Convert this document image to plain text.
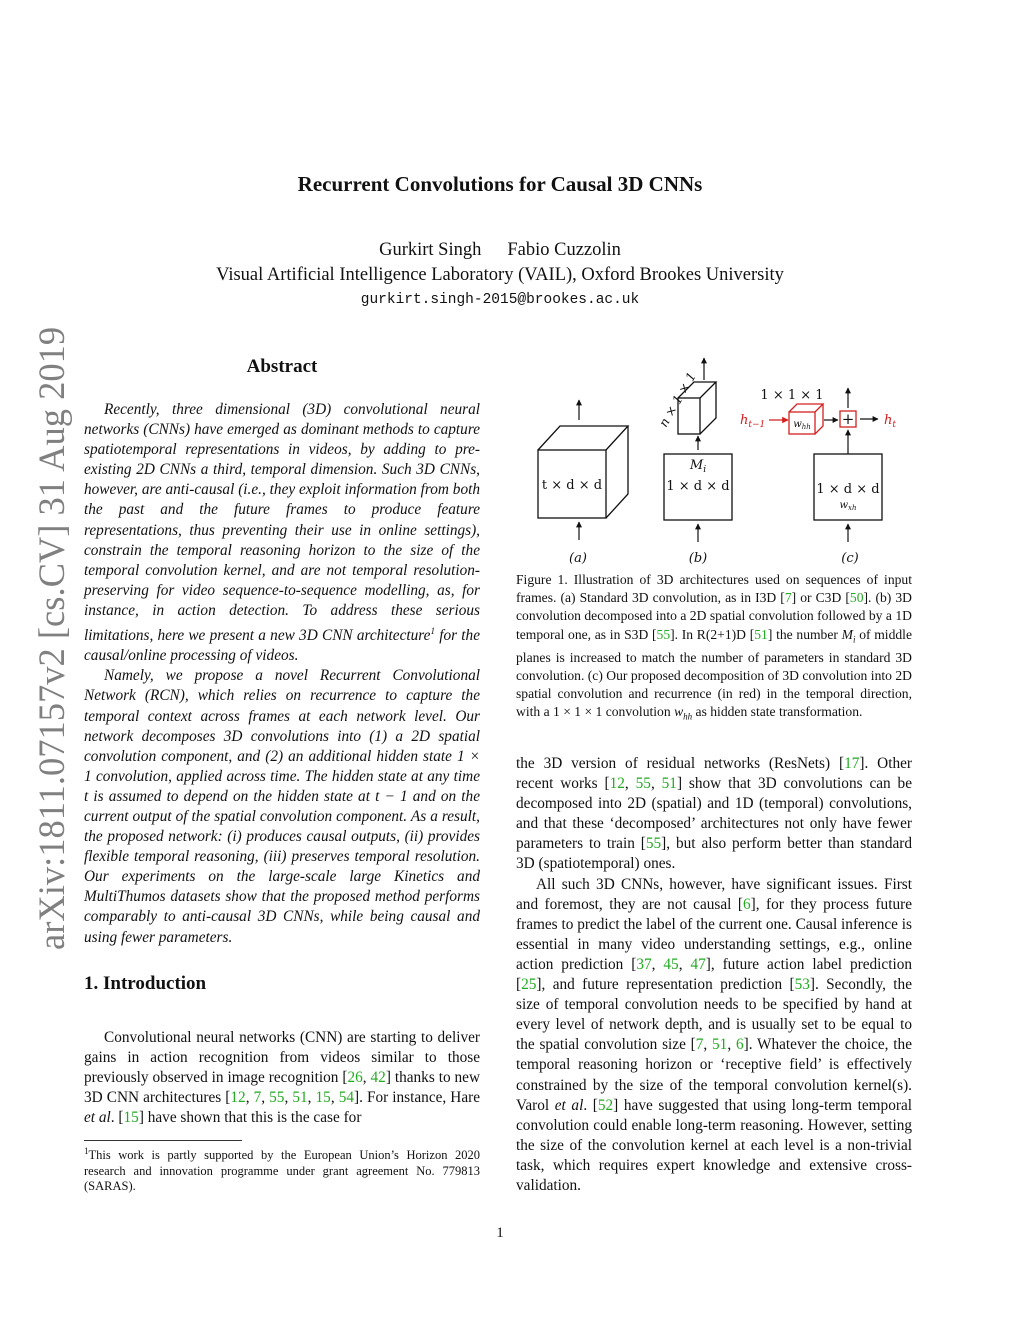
arXiv:1811.07157v2 [cs.CV] 31 Aug 2019
Recurrent Convolutions for Causal 3D CNNs
Gurkirt Singh Fabio Cuzzolin
Visual Artificial Intelligence Laboratory (VAIL), Oxford Brookes University
gurkirt.singh-2015@brookes.ac.uk
Abstract

Recently, three dimensional (3D) convolutional neural networks (CNNs) have emerged as dominant methods to capture spatiotemporal representations in videos, by adding to pre-existing 2D CNNs a third, temporal dimension. Such 3D CNNs, however, are anti-causal (i.e., they exploit information from both the past and the future frames to produce feature representations, thus preventing their use in online settings), constrain the temporal reasoning horizon to the size of the temporal convolution kernel, and are not temporal resolution-preserving for video sequence-to-sequence modelling, as, for instance, in action detection. To address these serious limitations, here we present a new 3D CNN architecture$^1$ for the causal/online processing of videos.

Namely, we propose a novel Recurrent Convolutional Network (RCN), which relies on recurrence to capture the temporal context across frames at each network level. Our network decomposes 3D convolutions into (1) a 2D spatial convolution component, and (2) an additional hidden state 1 × 1 convolution, applied across time. The hidden state at any time t is assumed to depend on the hidden state at t − 1 and on the current output of the spatial convolution component. As a result, the proposed network: (i) produces causal outputs, (ii) provides flexible temporal reasoning, (iii) preserves temporal resolution. Our experiments on the large-scale large Kinetics and MultiThumos datasets show that the proposed method performs comparably to anti-causal 3D CNNs, while being causal and using fewer parameters.

1. Introduction

Convolutional neural networks (CNN) are starting to deliver gains in action recognition from videos similar to those previously observed in image recognition [26, 42] thanks to new 3D CNN architectures [12, 7, 55, 51, 15, 54]. For instance, Hare et al. [15] have shown that this is the case for

$^1$This work is partly supported by the European Union’s Horizon 2020 research and innovation programme under grant agreement No. 779813 (SARAS).
t × d × d
(a)
$M_i$
1 × d × d
n × 1 × 1
(b)
1 × 1 × 1
$h_{t-1}$	$w_{hh} + h_t$
1 × d × d
$w_{xh}$
(c)
Figure 1. Illustration of 3D architectures used on sequences of input frames. (a) Standard 3D convolution, as in I3D [7] or C3D [50]. (b) 3D convolution decomposed into a 2D spatial convolution followed by a 1D temporal one, as in S3D [55]. In R(2+1)D [51] the number $M_i$ of middle planes is increased to match the number of parameters in standard 3D convolution. (c) Our proposed decomposition of 3D convolution into 2D spatial convolution and recurrence (in red) in the temporal direction, with a 1 × 1 × 1 convolution $w_{hh}$ as hidden state transformation.

the 3D version of residual networks (ResNets) [17]. Other recent works [12, 55, 51] show that 3D convolutions can be decomposed into 2D (spatial) and 1D (temporal) convolutions, and that these ‘decomposed’ architectures not only have fewer parameters to train [55], but also perform better than standard 3D (spatiotemporal) ones.

All such 3D CNNs, however, have significant issues. First and foremost, they are not causal [6], for they process future frames to predict the label of the current one. Causal inference is essential in many video understanding settings, e.g., online action prediction [37, 45, 47], future action label prediction [25], and future representation prediction [53]. Secondly, the size of temporal convolution needs to be specified by hand at every level of network depth, and is usually set to be equal to the spatial convolution size [7, 51, 6]. Whatever the choice, the temporal reasoning horizon or ‘receptive field’ is effectively constrained by the size of the temporal convolution kernel(s). Varol et al. [52] have suggested that using long-term temporal convolution could enable long-term reasoning. However, setting the size of the convolution kernel at each level is a non-trivial task, which requires expert knowledge and extensive cross-validation.

1
